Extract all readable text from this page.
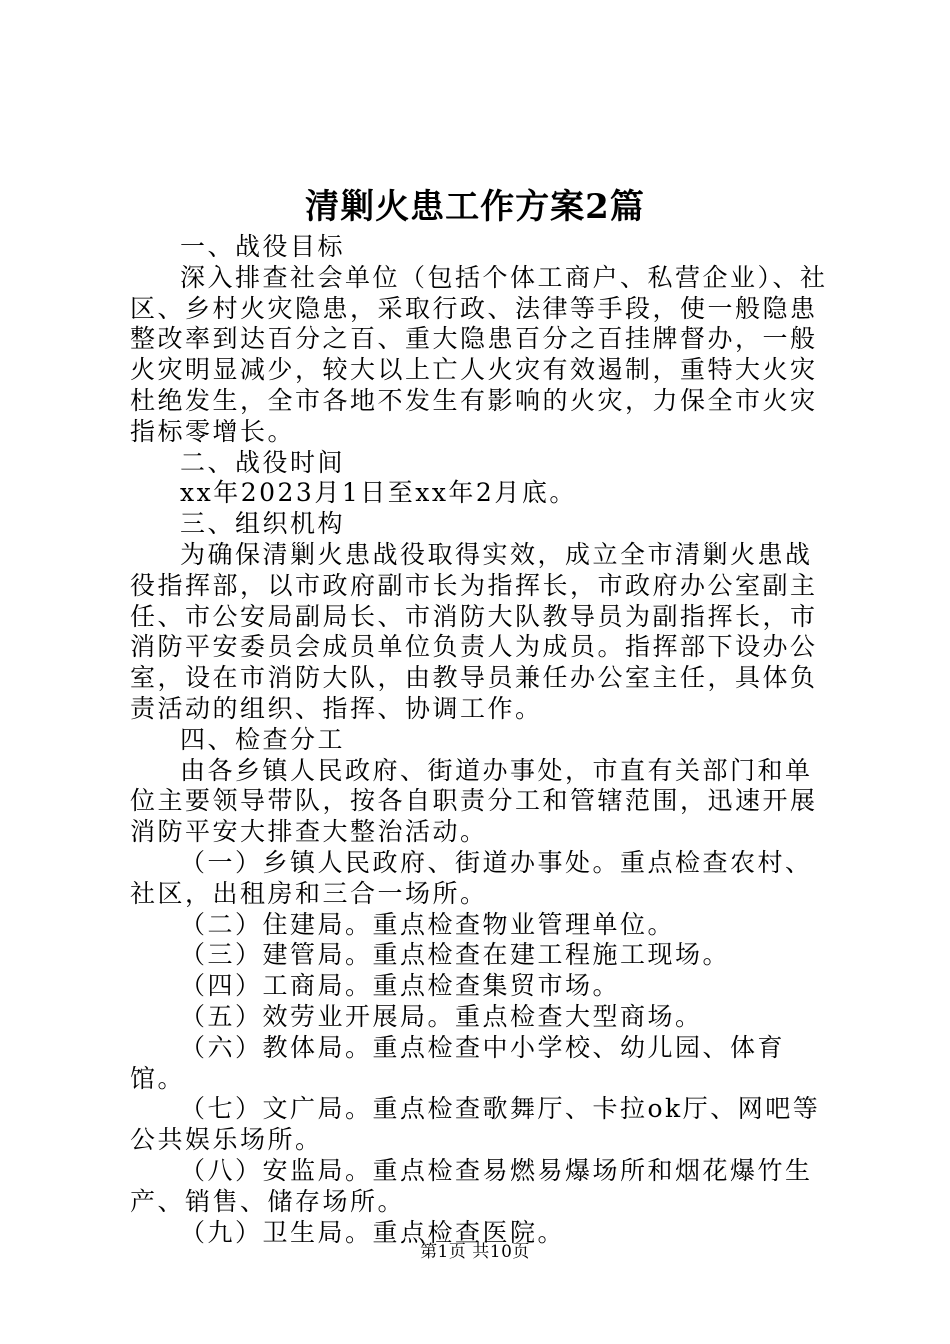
清剿火患工作方案2篇

一、战役目标

深入排查社会单位（包括个体工商户、私营企业）、社区、乡村火灾隐患，采取行政、法律等手段，使一般隐患整改率到达百分之百、重大隐患百分之百挂牌督办，一般火灾明显减少，较大以上亡人火灾有效遏制，重特大火灾杜绝发生，全市各地不发生有影响的火灾，力保全市火灾指标零增长。

二、战役时间

xx年2023月1日至xx年2月底。

三、组织机构

为确保清剿火患战役取得实效，成立全市清剿火患战役指挥部，以市政府副市长为指挥长，市政府办公室副主任、市公安局副局长、市消防大队教导员为副指挥长，市消防平安委员会成员单位负责人为成员。指挥部下设办公室，设在市消防大队，由教导员兼任办公室主任，具体负责活动的组织、指挥、协调工作。

四、检查分工

由各乡镇人民政府、街道办事处，市直有关部门和单位主要领导带队，按各自职责分工和管辖范围，迅速开展消防平安大排查大整治活动。

（一）乡镇人民政府、街道办事处。重点检查农村、社区，出租房和三合一场所。

（二）住建局。重点检查物业管理单位。

（三）建管局。重点检查在建工程施工现场。

（四）工商局。重点检查集贸市场。

（五）效劳业开展局。重点检查大型商场。

（六）教体局。重点检查中小学校、幼儿园、体育馆。

（七）文广局。重点检查歌舞厅、卡拉ok厅、网吧等公共娱乐场所。

（八）安监局。重点检查易燃易爆场所和烟花爆竹生产、销售、储存场所。

（九）卫生局。重点检查医院。

第1页 共10页
